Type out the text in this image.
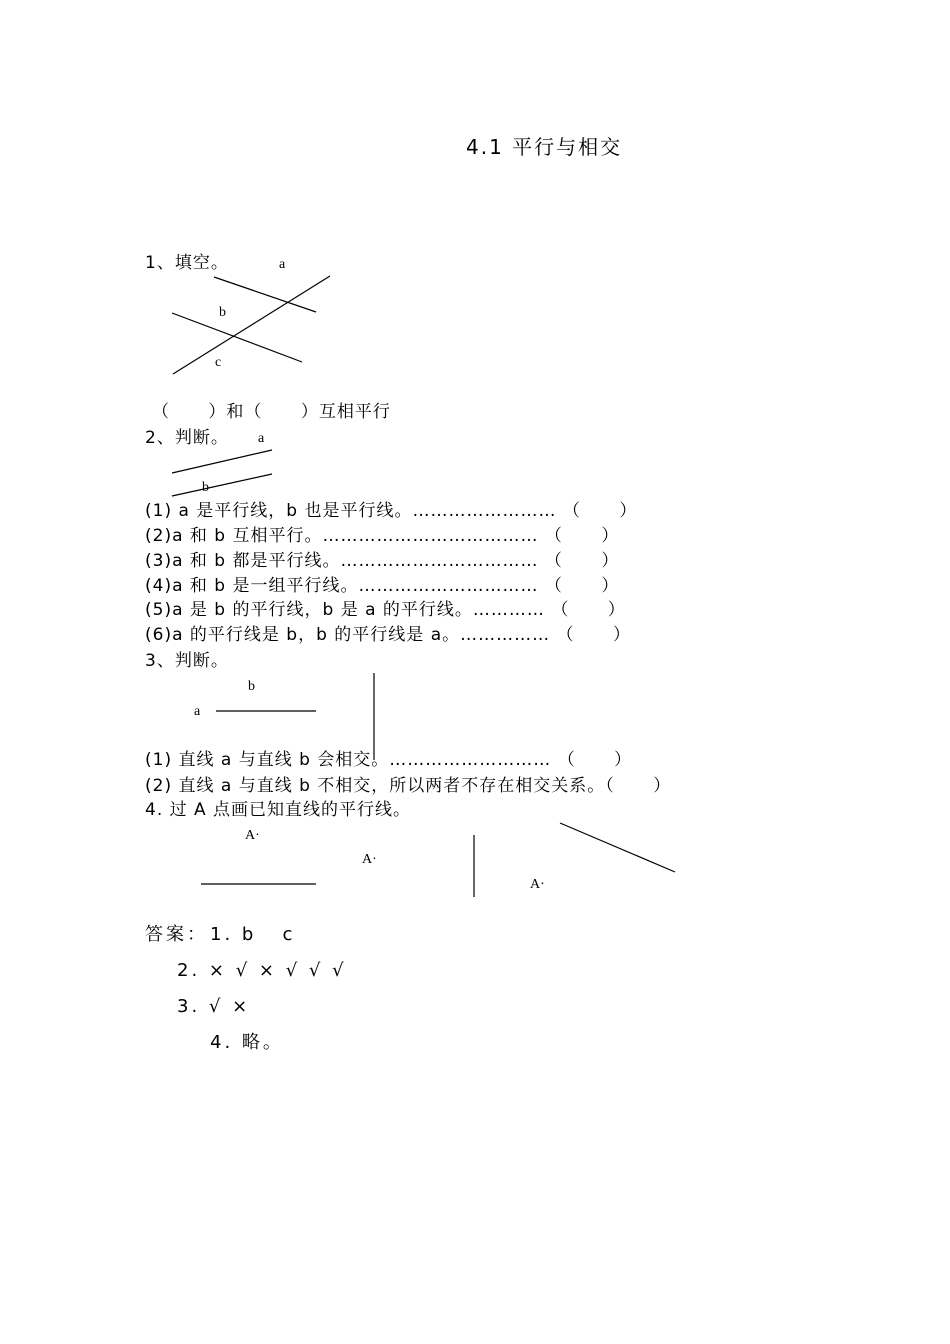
4.1 平行与相交
1、填空。	a
b
c
（      ）和（      ）互相平行
2、判断。 a
b
(1) a 是平行线，b 也是平行线。…………………… （      ）
(2)a 和 b 互相平行。……………………………… （      ）
(3)a 和 b 都是平行线。…………………………… （      ）
(4)a 和 b 是一组平行线。………………………… （      ）
(5)a 是 b 的平行线，b 是 a 的平行线。………… （      ）
(6)a 的平行线是 b，b 的平行线是 a。…………… （      ）
3、判断。
b
a
(1) 直线 a 与直线 b 会相交。……………………… （      ）
(2) 直线 a 与直线 b 不相交，所以两者不存在相交关系。（      ）
4. 过 A 点画已知直线的平行线。
A·
A·
A·
答案： 1. b   c
2. × √ × √ √ √
3. √ ×
4. 略。
